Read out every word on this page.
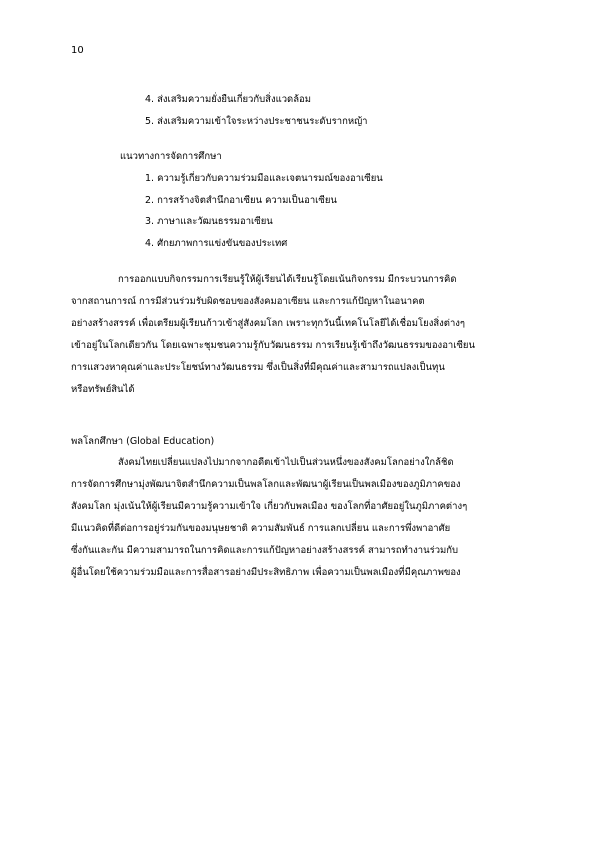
10
4. ส่งเสริมความยั่งยืนเกี่ยวกับสิ่งแวดล้อม
5. ส่งเสริมความเข้าใจระหว่างประชาชนระดับรากหญ้า
แนวทางการจัดการศึกษา
1. ความรู้เกี่ยวกับความร่วมมือและเจตนารมณ์ของอาเซียน
2. การสร้างจิตสำนึกอาเซียน ความเป็นอาเซียน
3. ภาษาและวัฒนธรรมอาเซียน
4. ศักยภาพการแข่งขันของประเทศ
การออกแบบกิจกรรมการเรียนรู้ให้ผู้เรียนได้เรียนรู้โดยเน้นกิจกรรม มีกระบวนการคิด
จากสถานการณ์ การมีส่วนร่วมรับผิดชอบของสังคมอาเซียน และการแก้ปัญหาในอนาคต
อย่างสร้างสรรค์ เพื่อเตรียมผู้เรียนก้าวเข้าสู่สังคมโลก เพราะทุกวันนี้เทคโนโลยีได้เชื่อมโยงสิ่งต่างๆ
เข้าอยู่ในโลกเดียวกัน โดยเฉพาะชุมชนความรู้กับวัฒนธรรม การเรียนรู้เข้าถึงวัฒนธรรมของอาเซียน
การแสวงหาคุณค่าและประโยชน์ทางวัฒนธรรม ซึ่งเป็นสิ่งที่มีคุณค่าและสามารถแปลงเป็นทุน
หรือทรัพย์สินได้
พลโลกศึกษา (Global Education)
สังคมไทยเปลี่ยนแปลงไปมากจากอดีตเข้าไปเป็นส่วนหนึ่งของสังคมโลกอย่างใกล้ชิด
การจัดการศึกษามุ่งพัฒนาจิตสำนึกความเป็นพลโลกและพัฒนาผู้เรียนเป็นพลเมืองของภูมิภาคของ
สังคมโลก มุ่งเน้นให้ผู้เรียนมีความรู้ความเข้าใจ เกี่ยวกับพลเมือง ของโลกที่อาศัยอยู่ในภูมิภาคต่างๆ
มีแนวคิดที่ดีต่อการอยู่ร่วมกันของมนุษยชาติ ความสัมพันธ์ การแลกเปลี่ยน และการพึ่งพาอาศัย
ซึ่งกันและกัน มีความสามารถในการคิดและการแก้ปัญหาอย่างสร้างสรรค์ สามารถทำงานร่วมกับ
ผู้อื่นโดยใช้ความร่วมมือและการสื่อสารอย่างมีประสิทธิภาพ เพื่อความเป็นพลเมืองที่มีคุณภาพของ
